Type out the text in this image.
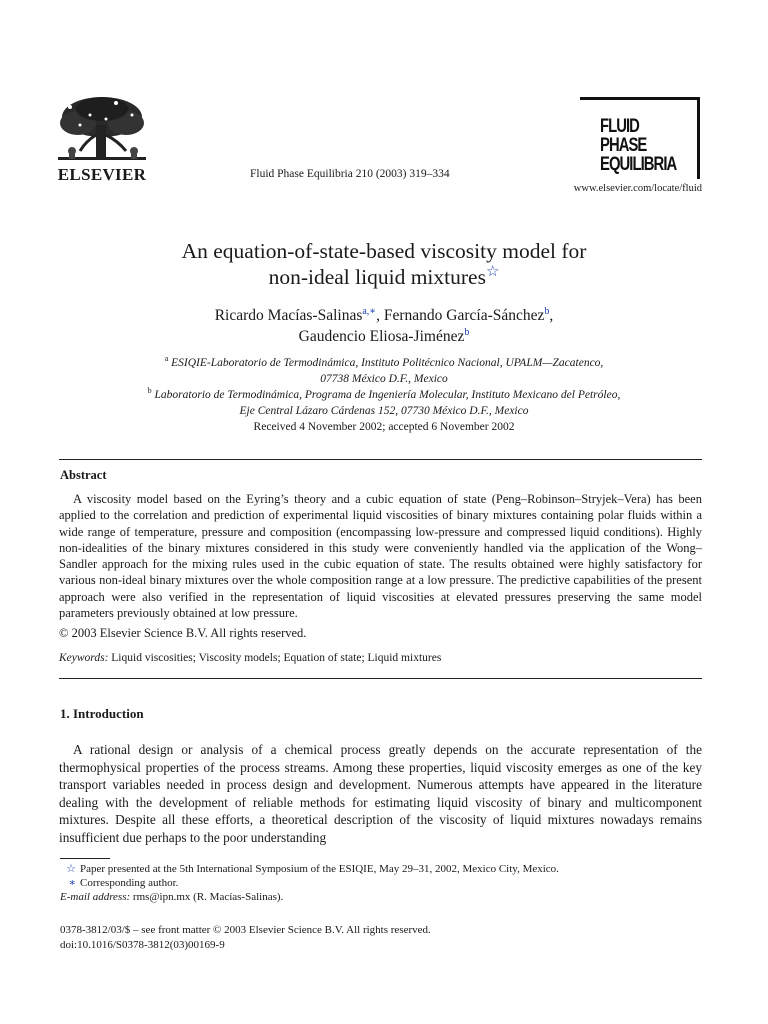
ELSEVIER	Fluid Phase Equilibria 210 (2003) 319–334
FLUID PHASE
EQUILIBRIA
www.elsevier.com/locate/fluid
An equation-of-state-based viscosity model for
non-ideal liquid mixtures☆
Ricardo Macías-Salinas$^{a,∗}$, Fernando García-Sánchez$^b$,
Gaudencio Eliosa-Jiménez$^b$
$^a$ ESIQIE-Laboratorio de Termodinámica, Instituto Politécnico Nacional, UPALM—Zacatenco,
07738 México D.F., Mexico
$^b$ Laboratorio de Termodinámica, Programa de Ingeniería Molecular, Instituto Mexicano del Petróleo,
Eje Central Lázaro Cárdenas 152, 07730 México D.F., Mexico
Received 4 November 2002; accepted 6 November 2002
Abstract
A viscosity model based on the Eyring’s theory and a cubic equation of state (Peng–Robinson–Stryjek–Vera) has been applied to the correlation and prediction of experimental liquid viscosities of binary mixtures containing polar fluids within a wide range of temperature, pressure and composition (encompassing low-pressure and compressed liquid conditions). Highly non-idealities of the binary mixtures considered in this study were conveniently handled via the application of the Wong–Sandler approach for the mixing rules used in the cubic equation of state. The results obtained were highly satisfactory for various non-ideal binary mixtures over the whole composition range at a low pressure. The predictive capabilities of the present approach were also verified in the representation of liquid viscosities at elevated pressures preserving the same model parameters previously obtained at low pressure.
© 2003 Elsevier Science B.V. All rights reserved.
Keywords: Liquid viscosities; Viscosity models; Equation of state; Liquid mixtures
1. Introduction
A rational design or analysis of a chemical process greatly depends on the accurate representation of the thermophysical properties of the process streams. Among these properties, liquid viscosity emerges as one of the key transport variables needed in process design and development. Numerous attempts have appeared in the literature dealing with the development of reliable methods for estimating liquid viscosity of binary and multicomponent mixtures. Despite all these efforts, a theoretical description of the viscosity of liquid mixtures nowadays remains insufficient due perhaps to the poor understanding
☆ Paper presented at the 5th International Symposium of the ESIQIE, May 29–31, 2002, Mexico City, Mexico.
∗ Corresponding author.
E-mail address: rms@ipn.mx (R. Macías-Salinas).
0378-3812/03/$ – see front matter © 2003 Elsevier Science B.V. All rights reserved.
doi:10.1016/S0378-3812(03)00169-9
